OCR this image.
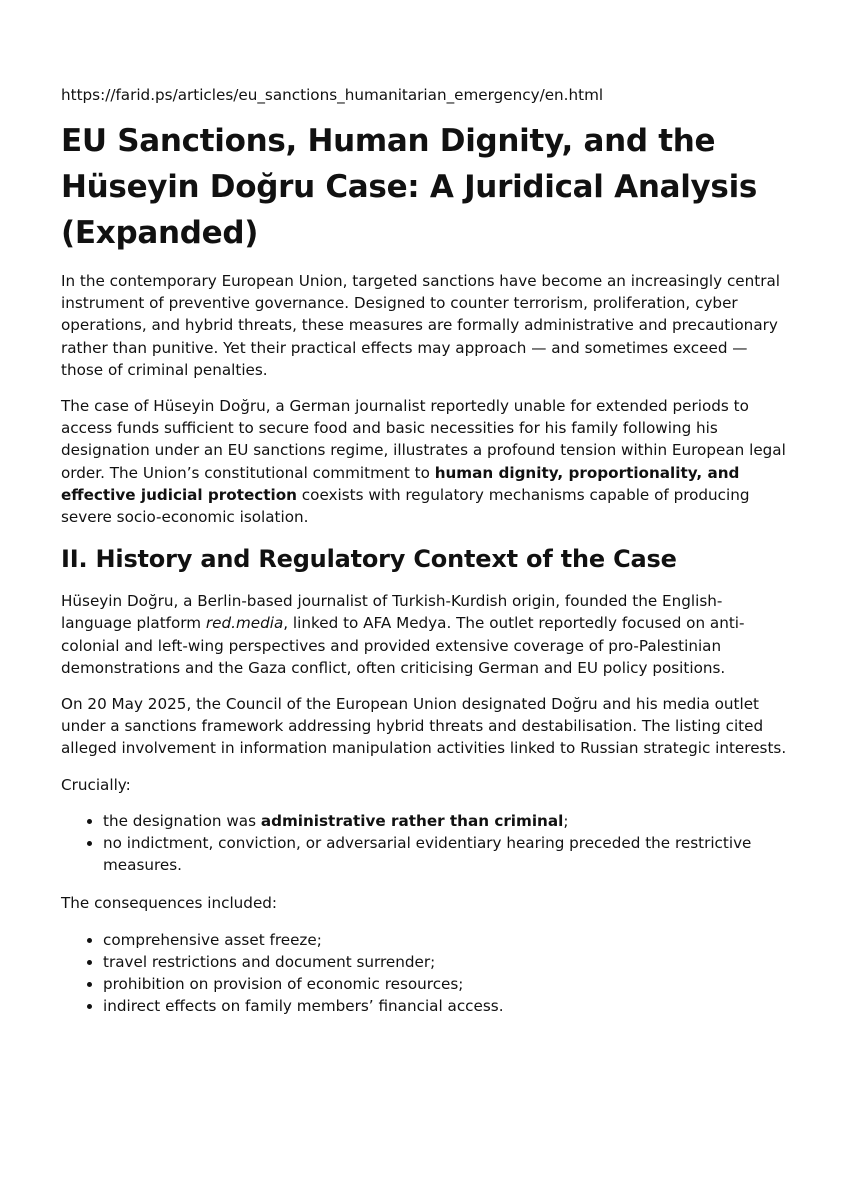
https://farid.ps/articles/eu_sanctions_humanitarian_emergency/en.html
EU Sanctions, Human Dignity, and the Hüseyin Doğru Case: A Juridical Analysis (Expanded)

In the contemporary European Union, targeted sanctions have become an increasingly central instrument of preventive governance. Designed to counter terrorism, proliferation, cyber operations, and hybrid threats, these measures are formally administrative and precautionary rather than punitive. Yet their practical effects may approach — and sometimes exceed — those of criminal penalties.

The case of Hüseyin Doğru, a German journalist reportedly unable for extended periods to access funds sufficient to secure food and basic necessities for his family following his designation under an EU sanctions regime, illustrates a profound tension within European legal order. The Union’s constitutional commitment to human dignity, proportionality, and effective judicial protection coexists with regulatory mechanisms capable of producing severe socio-economic isolation.

II. History and Regulatory Context of the Case

Hüseyin Doğru, a Berlin-based journalist of Turkish-Kurdish origin, founded the English-language platform red.media, linked to AFA Medya. The outlet reportedly focused on anti-colonial and left-wing perspectives and provided extensive coverage of pro-Palestinian demonstrations and the Gaza conflict, often criticising German and EU policy positions.

On 20 May 2025, the Council of the European Union designated Doğru and his media outlet under a sanctions framework addressing hybrid threats and destabilisation. The listing cited alleged involvement in information manipulation activities linked to Russian strategic interests.

Crucially:

• the designation was administrative rather than criminal;
• no indictment, conviction, or adversarial evidentiary hearing preceded the restrictive measures.

The consequences included:

• comprehensive asset freeze;
• travel restrictions and document surrender;
• prohibition on provision of economic resources;
• indirect effects on family members’ financial access.
